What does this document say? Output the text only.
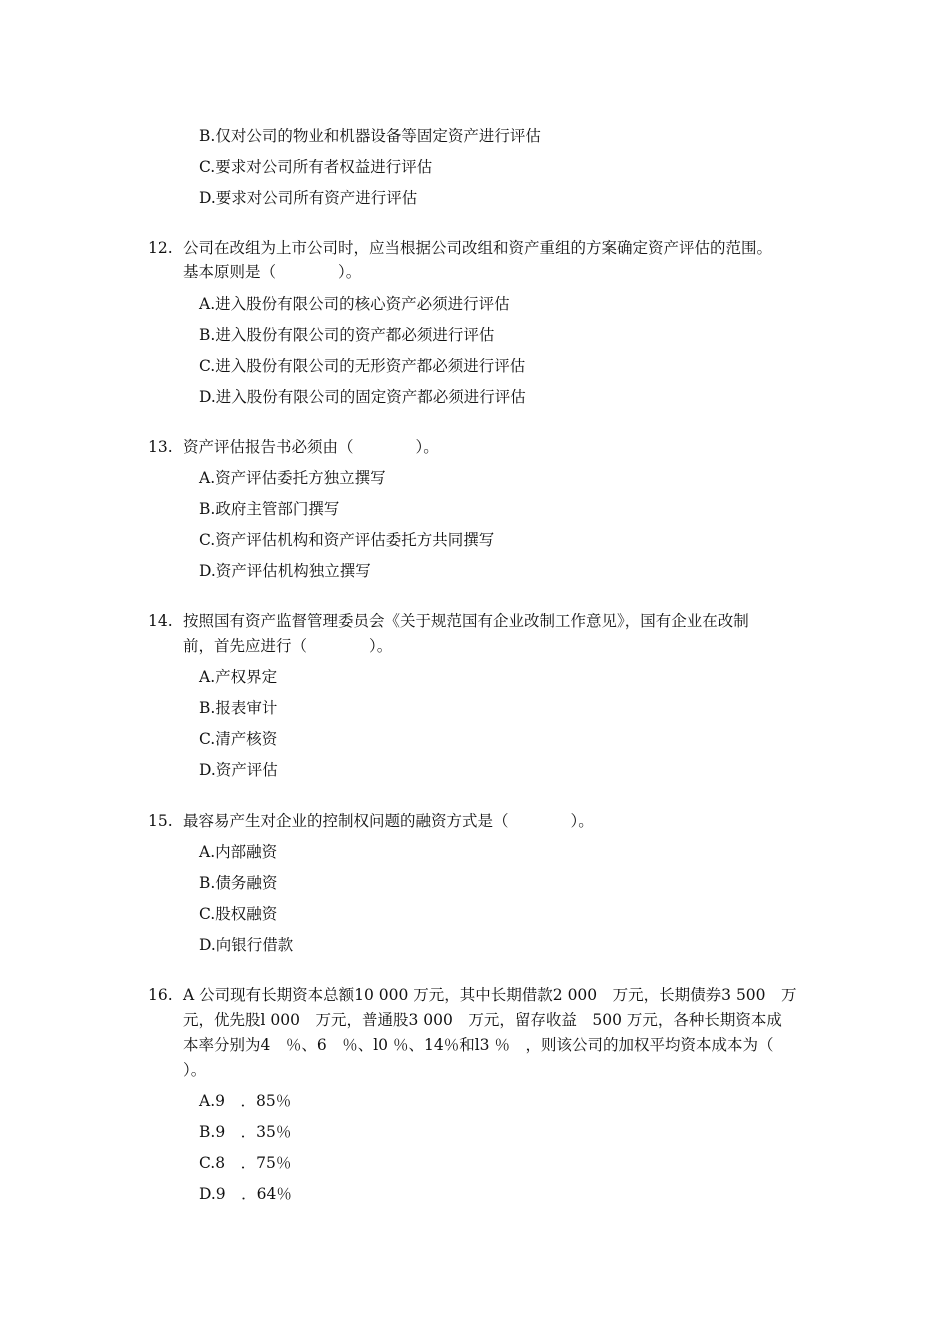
B.仅对公司的物业和机器设备等固定资产进行评估
C.要求对公司所有者权益进行评估
D.要求对公司所有资产进行评估
12. 公司在改组为上市公司时，应当根据公司改组和资产重组的方案确定资产评估的范围。
基本原则是（　　　　）。
A.进入股份有限公司的核心资产必须进行评估
B.进入股份有限公司的资产都必须进行评估
C.进入股份有限公司的无形资产都必须进行评估
D.进入股份有限公司的固定资产都必须进行评估
13. 资产评估报告书必须由（　　　　）。
A.资产评估委托方独立撰写
B.政府主管部门撰写
C.资产评估机构和资产评估委托方共同撰写
D.资产评估机构独立撰写
14. 按照国有资产监督管理委员会《关于规范国有企业改制工作意见》，国有企业在改制
前，首先应进行（　　　　）。
A.产权界定
B.报表审计
C.清产核资
D.资产评估
15. 最容易产生对企业的控制权问题的融资方式是（　　　　）。
A.内部融资
B.债务融资
C.股权融资
D.向银行借款
16. A 公司现有长期资本总额10 000 万元，其中长期借款2 000　万元，长期债券3 500　万
元，优先股l 000　万元，普通股3 000　万元，留存收益　500 万元，各种长期资本成
本率分别为4　％、6　％、l0 ％、14％和l3 ％　，则该公司的加权平均资本成本为（
）。
A.9　．85％
B.9　．35％
C.8　．75％
D.9　．64％
